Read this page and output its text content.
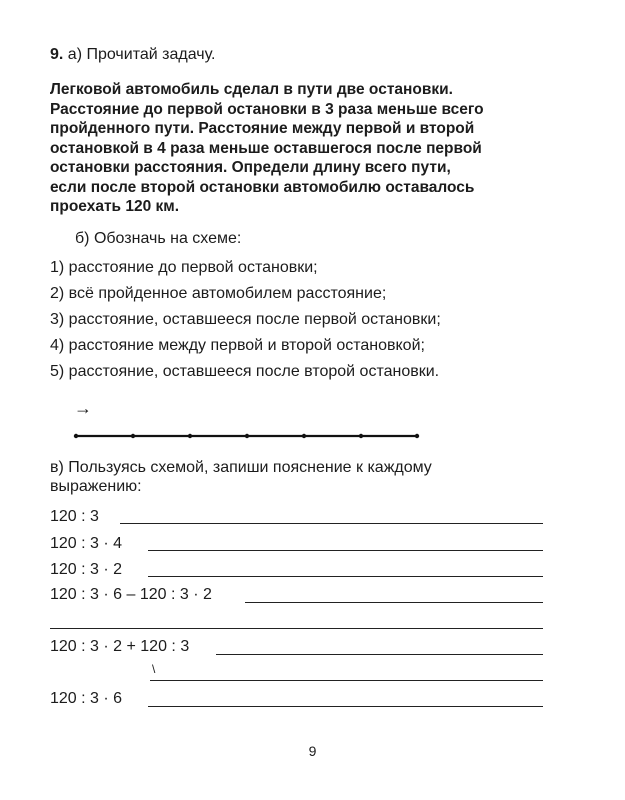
9. а) Прочитай задачу.
Легковой автомобиль сделал в пути две остановки.
Расстояние до первой остановки в 3 раза меньше всего
пройденного пути. Расстояние между первой и второй
остановкой в 4 раза меньше оставшегося после первой
остановки расстояния. Определи длину всего пути,
если после второй остановки автомобилю оставалось
проехать 120 км.
б) Обозначь на схеме:
1) расстояние до первой остановки;
2) всё пройденное автомобилем расстояние;
3) расстояние, оставшееся после первой остановки;
4) расстояние между первой и второй остановкой;
5) расстояние, оставшееся после второй остановки.
→
в) Пользуясь схемой, запиши пояснение к каждому
выражению:
120 : 3
120 : 3 · 4
120 : 3 · 2
120 : 3 · 6 – 120 : 3 · 2
120 : 3 · 2 + 120 : 3
\
120 : 3 · 6
9
